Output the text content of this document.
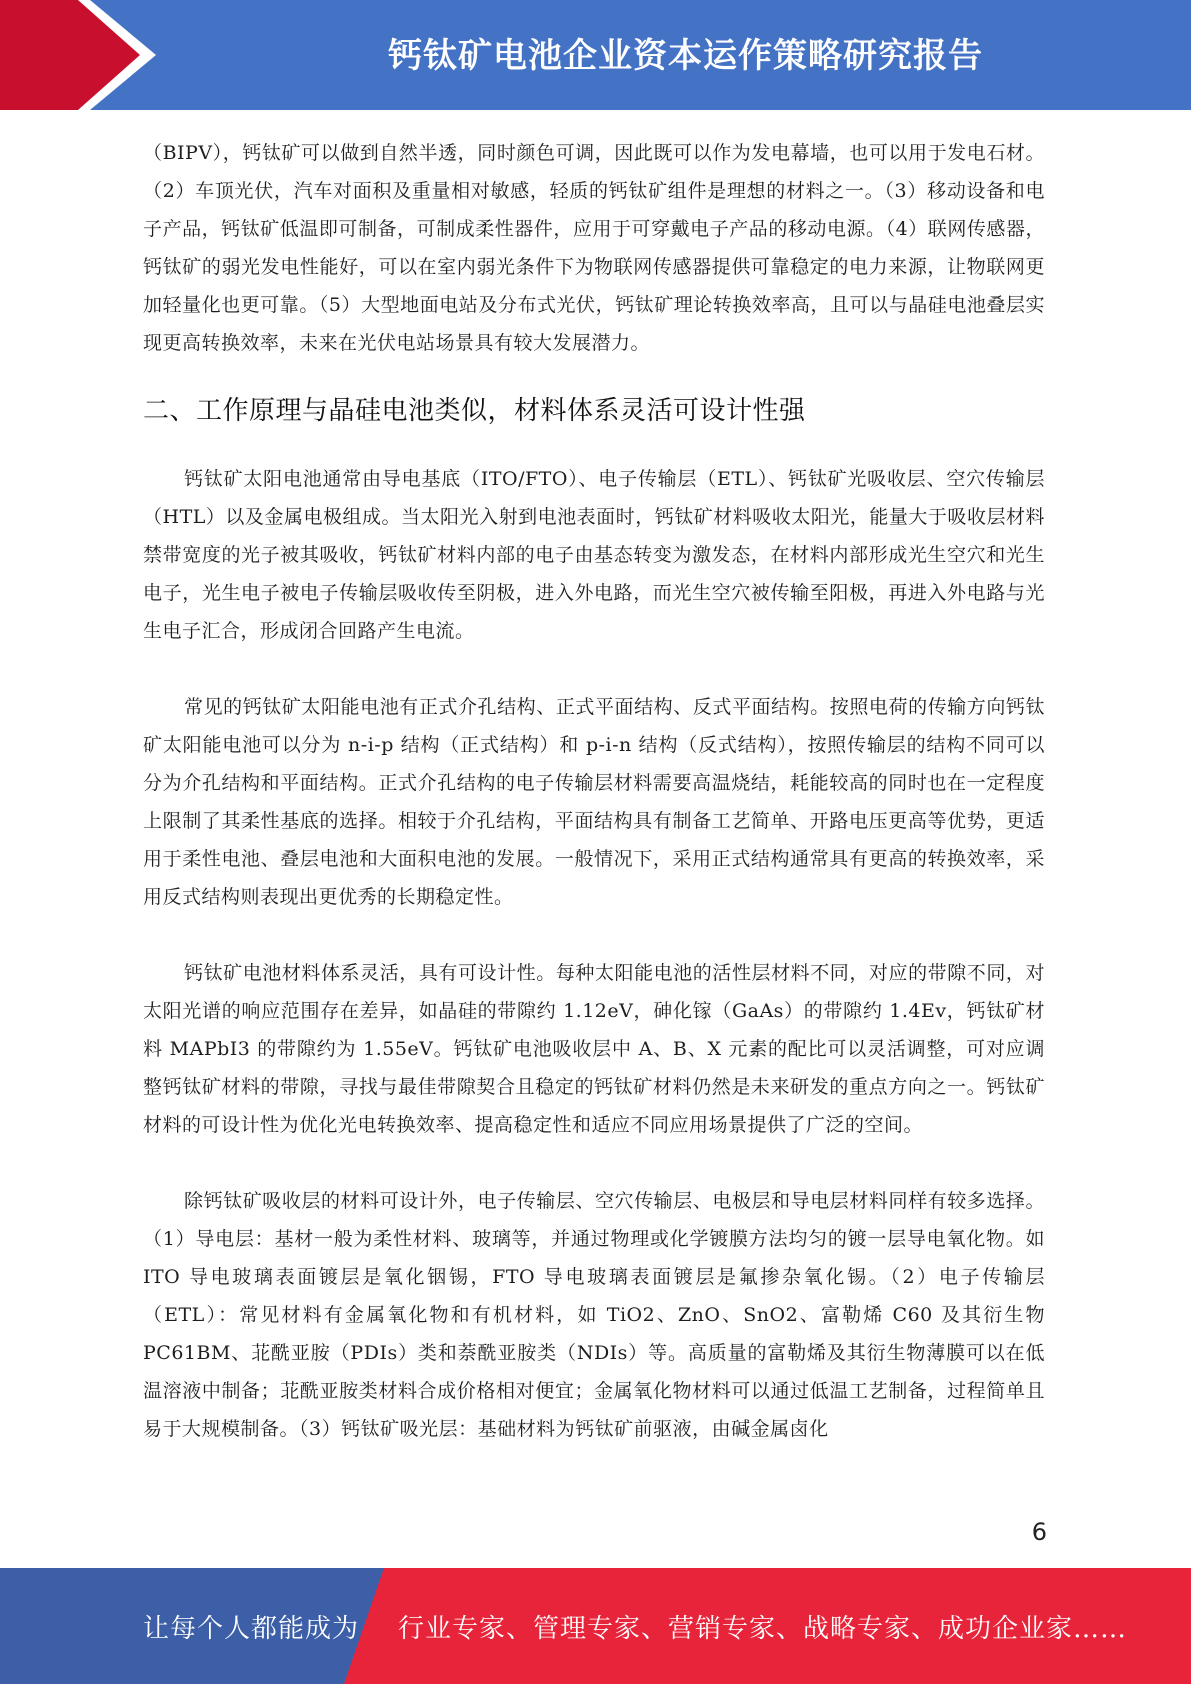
钙钛矿电池企业资本运作策略研究报告

（BIPV），钙钛矿可以做到自然半透，同时颜色可调，因此既可以作为发电幕墙，也可以用于发电石材。（2）车顶光伏，汽车对面积及重量相对敏感，轻质的钙钛矿组件是理想的材料之一。（3）移动设备和电子产品，钙钛矿低温即可制备，可制成柔性器件，应用于可穿戴电子产品的移动电源。（4）联网传感器，钙钛矿的弱光发电性能好，可以在室内弱光条件下为物联网传感器提供可靠稳定的电力来源，让物联网更加轻量化也更可靠。（5）大型地面电站及分布式光伏，钙钛矿理论转换效率高，且可以与晶硅电池叠层实现更高转换效率，未来在光伏电站场景具有较大发展潜力。

二、工作原理与晶硅电池类似，材料体系灵活可设计性强

钙钛矿太阳电池通常由导电基底（ITO/FTO）、电子传输层（ETL）、钙钛矿光吸收层、空穴传输层（HTL）以及金属电极组成。当太阳光入射到电池表面时，钙钛矿材料吸收太阳光，能量大于吸收层材料禁带宽度的光子被其吸收，钙钛矿材料内部的电子由基态转变为激发态，在材料内部形成光生空穴和光生电子，光生电子被电子传输层吸收传至阴极，进入外电路，而光生空穴被传输至阳极，再进入外电路与光生电子汇合，形成闭合回路产生电流。

常见的钙钛矿太阳能电池有正式介孔结构、正式平面结构、反式平面结构。按照电荷的传输方向钙钛矿太阳能电池可以分为 n-i-p 结构（正式结构）和 p-i-n 结构（反式结构），按照传输层的结构不同可以分为介孔结构和平面结构。正式介孔结构的电子传输层材料需要高温烧结，耗能较高的同时也在一定程度上限制了其柔性基底的选择。相较于介孔结构，平面结构具有制备工艺简单、开路电压更高等优势，更适用于柔性电池、叠层电池和大面积电池的发展。一般情况下，采用正式结构通常具有更高的转换效率，采用反式结构则表现出更优秀的长期稳定性。

钙钛矿电池材料体系灵活，具有可设计性。每种太阳能电池的活性层材料不同，对应的带隙不同，对太阳光谱的响应范围存在差异，如晶硅的带隙约 1.12eV，砷化镓（GaAs）的带隙约 1.4Ev，钙钛矿材料 MAPbI3 的带隙约为 1.55eV。钙钛矿电池吸收层中 A、B、X 元素的配比可以灵活调整，可对应调整钙钛矿材料的带隙，寻找与最佳带隙契合且稳定的钙钛矿材料仍然是未来研发的重点方向之一。钙钛矿材料的可设计性为优化光电转换效率、提高稳定性和适应不同应用场景提供了广泛的空间。

除钙钛矿吸收层的材料可设计外，电子传输层、空穴传输层、电极层和导电层材料同样有较多选择。（1）导电层：基材一般为柔性材料、玻璃等，并通过物理或化学镀膜方法均匀的镀一层导电氧化物。如 ITO 导电玻璃表面镀层是氧化铟锡，FTO 导电玻璃表面镀层是氟掺杂氧化锡。（2）电子传输层（ETL）：常见材料有金属氧化物和有机材料，如 TiO2、ZnO、SnO2、富勒烯 C60 及其衍生物 PC61BM、苝酰亚胺（PDIs）类和萘酰亚胺类（NDIs）等。高质量的富勒烯及其衍生物薄膜可以在低温溶液中制备；苝酰亚胺类材料合成价格相对便宜；金属氧化物材料可以通过低温工艺制备，过程简单且易于大规模制备。（3）钙钛矿吸光层：基础材料为钙钛矿前驱液，由碱金属卤化

6
让每个人都能成为 行业专家、管理专家、营销专家、战略专家、成功企业家……
